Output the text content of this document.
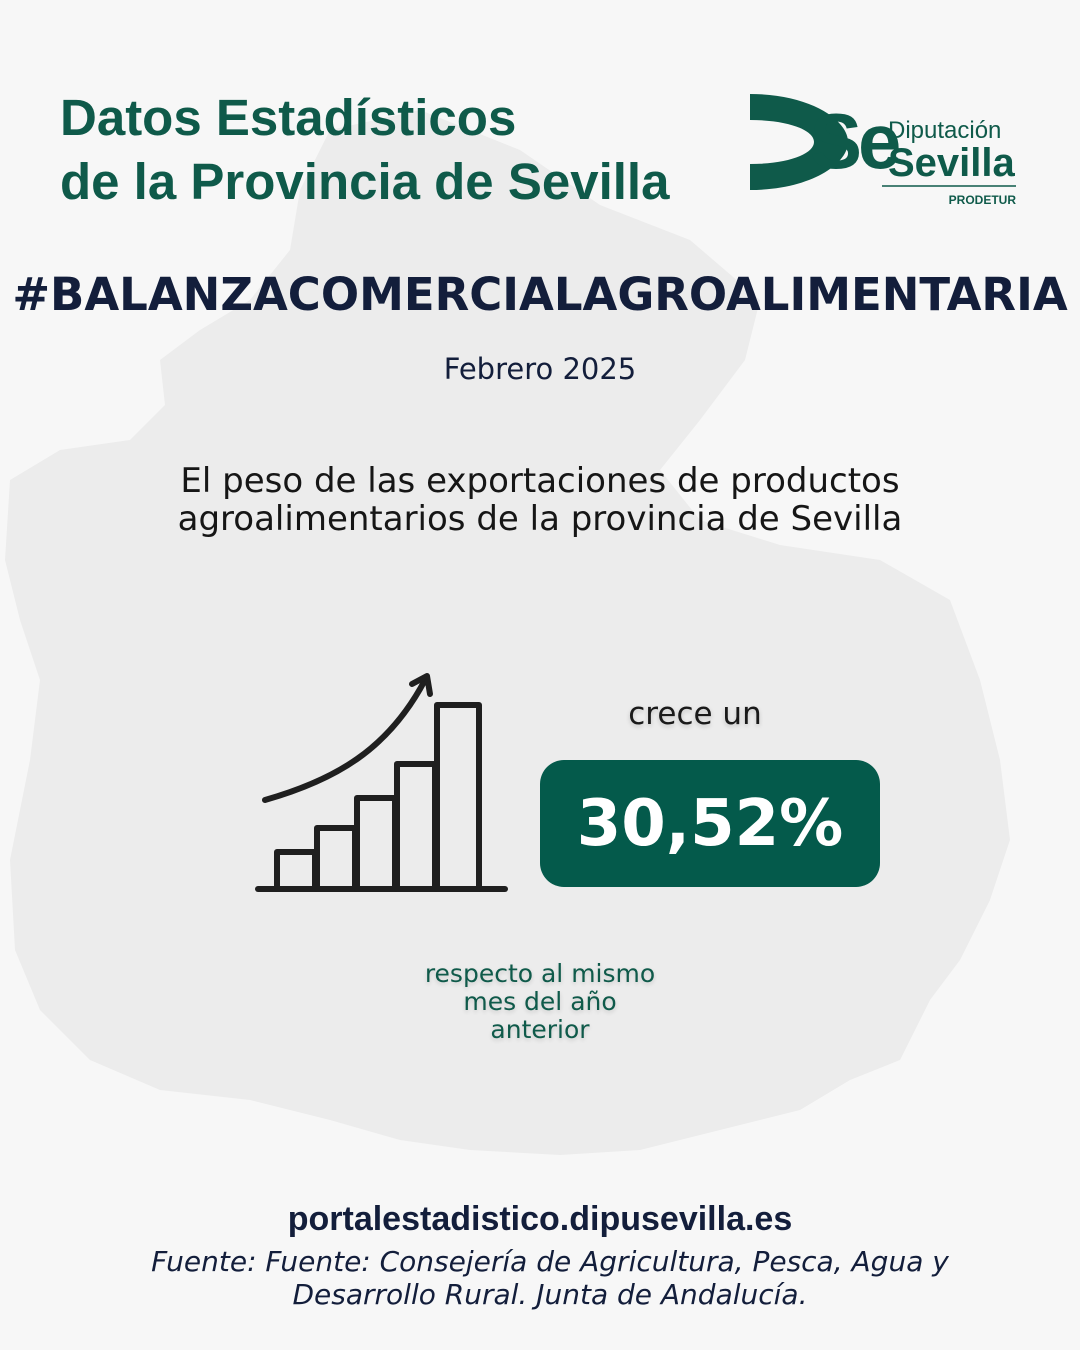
Datos Estadísticos
de la Provincia de Sevilla Se
Diputación
Sevilla
PRODETUR
#BALANZACOMERCIALAGROALIMENTARIA
Febrero 2025
El peso de las exportaciones de productos
agroalimentarios de la provincia de Sevilla
crece un
30,52%
respecto al mismo
mes del año
anterior
portalestadistico.dipusevilla.es
Fuente: Fuente: Consejería de Agricultura, Pesca, Agua y
Desarrollo Rural. Junta de Andalucía.
